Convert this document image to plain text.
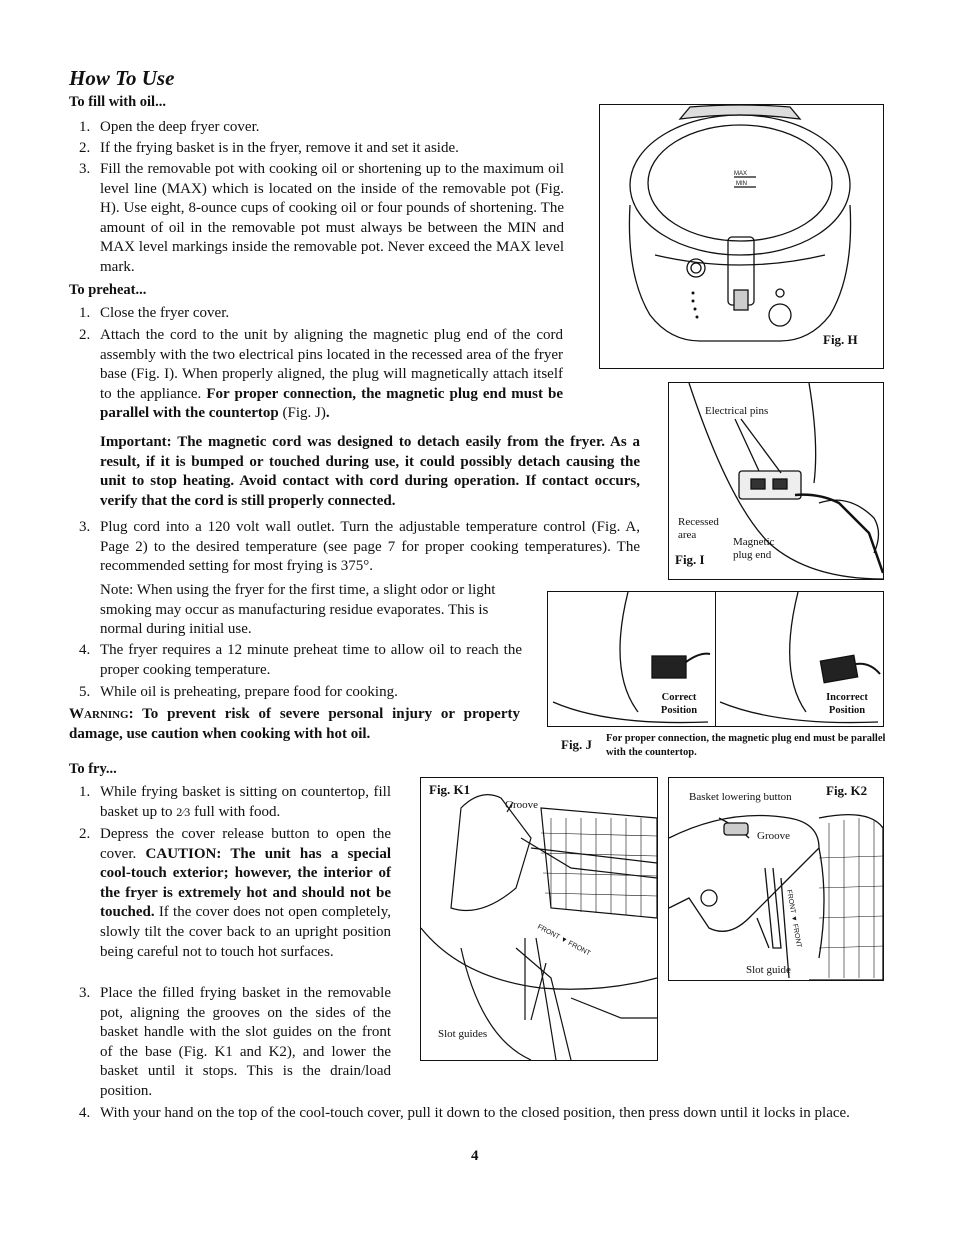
How To Use
To fill with oil...
1. Open the deep fryer cover.
2. If the frying basket is in the fryer, remove it and set it aside.
3. Fill the removable pot with cooking oil or shortening up to the maximum oil level line (MAX) which is located on the inside of the removable pot (Fig. H). Use eight, 8-ounce cups of cooking oil or four pounds of shortening. The amount of oil in the removable pot must always be between the MIN and MAX level markings inside the removable pot. Never exceed the MAX level mark.
To preheat...
1. Close the fryer cover.
2. Attach the cord to the unit by aligning the magnetic plug end of the cord assembly with the two electrical pins located in the recessed area of the fryer base (Fig. I). When properly aligned, the plug will magnetically attach itself to the appliance. For proper connection, the magnetic plug end must be parallel with the countertop (Fig. J).
Important: The magnetic cord was designed to detach easily from the fryer. As a result, if it is bumped or touched during use, it could possibly detach causing the unit to stop heating. Avoid contact with cord during operation. If contact occurs, verify that the cord is still properly connected.
3. Plug cord into a 120 volt wall outlet. Turn the adjustable temperature control (Fig. A, Page 2) to the desired temperature (see page 7 for proper cooking temperatures). The recommended setting for most frying is 375°.
Note: When using the fryer for the first time, a slight odor or light smoking may occur as manufacturing residue evaporates. This is normal during initial use.
4. The fryer requires a 12 minute preheat time to allow oil to reach the proper cooking temperature.
5. While oil is preheating, prepare food for cooking.
Warning: To prevent risk of severe personal injury or property damage, use caution when cooking with hot oil.
To fry...
1. While frying basket is sitting on countertop, fill basket up to 2⁄3 full with food.
2. Depress the cover release button to open the cover. CAUTION: The unit has a special cool-touch exterior; however, the interior of the fryer is extremely hot and should not be touched. If the cover does not open completely, slowly tilt the cover back to an upright position being careful not to touch hot surfaces.
3. Place the filled frying basket in the removable pot, aligning the grooves on the sides of the basket handle with the slot guides on the front of the base (Fig. K1 and K2), and lower the basket until it stops. This is the drain/load position.
4. With your hand on the top of the cool-touch cover, pull it down to the closed position, then press down until it locks in place.
4
MAX
MIN
Fig. H
Electrical pins
Recessed area
Magnetic plug end
Fig. I
Correct Position
Incorrect Position
Fig. J For proper connection, the magnetic plug end must be parallel with the countertop.
FRONT ▼ FRONT
Fig. K1
Groove
Slot guides
FRONT ▼ FRONT
Basket lowering button	Fig. K2
Groove
Slot guide
